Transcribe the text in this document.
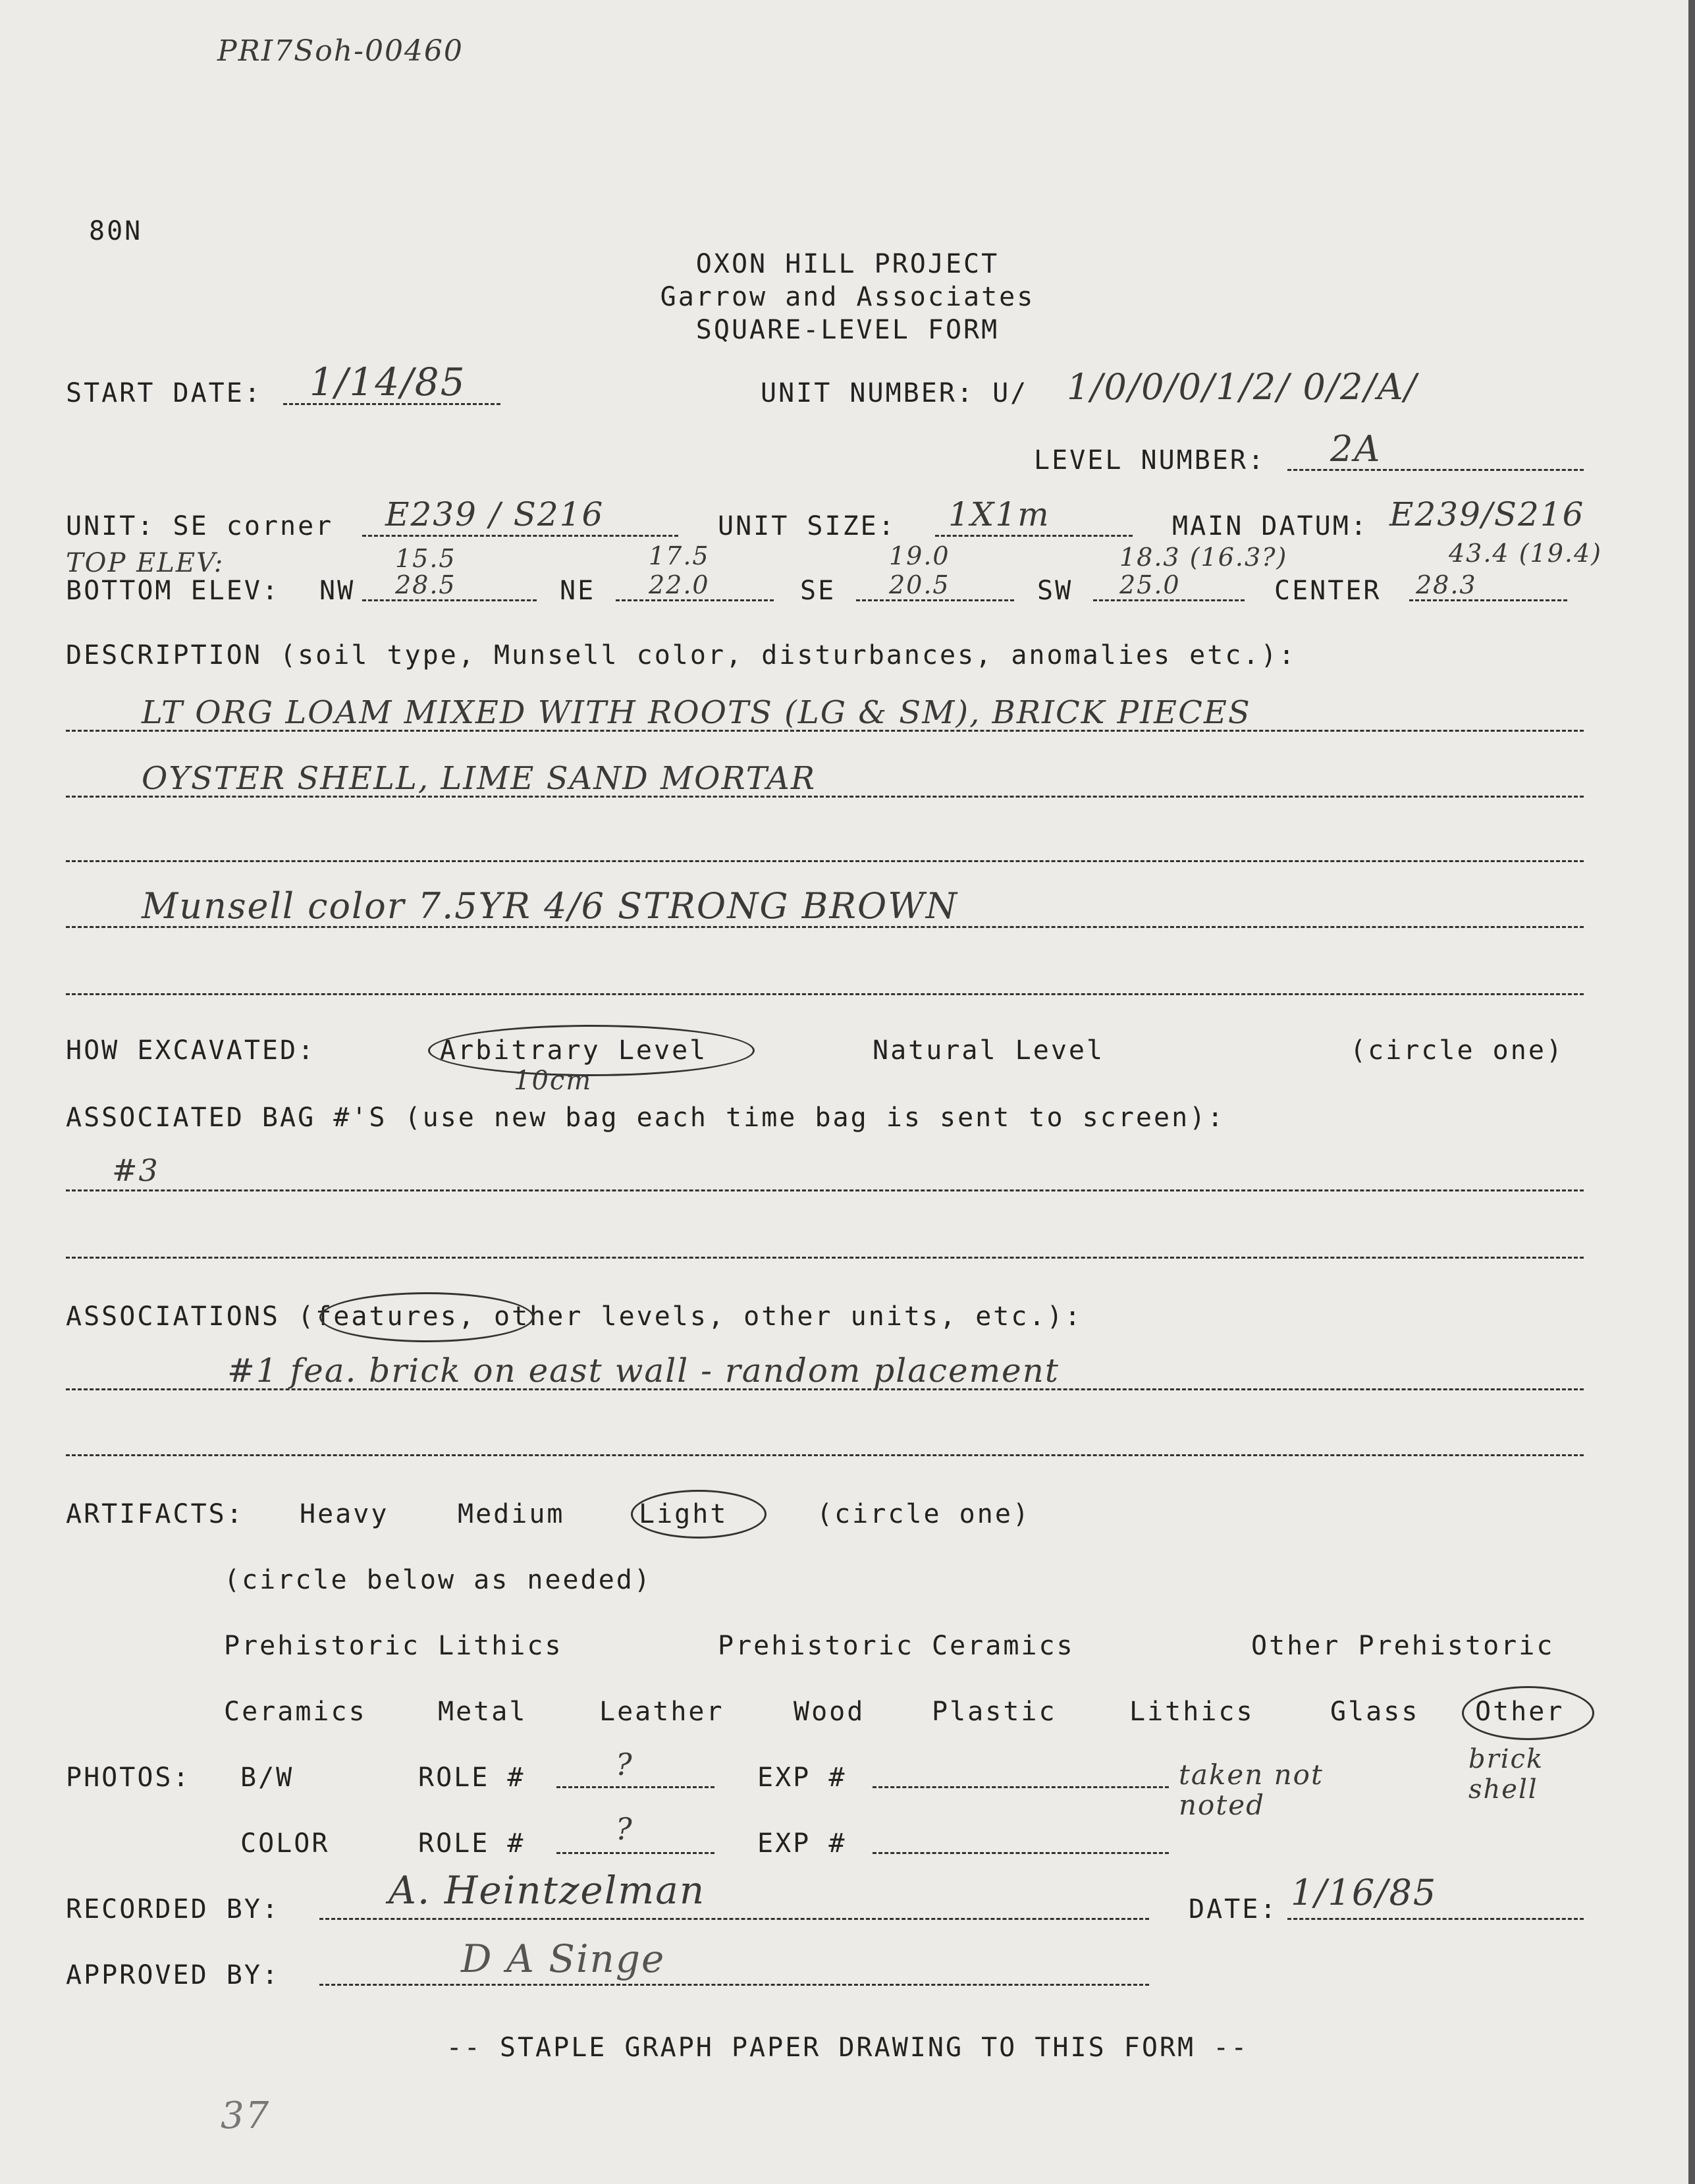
PRI7Soh-00460
80N
OXON HILL PROJECT
Garrow and Associates
SQUARE-LEVEL FORM
START DATE: 1/14/85	UNIT NUMBER: U/ 1/0/0/0/1/2/ 0/2/A/
LEVEL NUMBER: 2A
UNIT: SE corner E239 / S216	UNIT SIZE: 1X1m	MAIN DATUM: E239/S216
TOP ELEV:	15.5	17.5	19.0	18.3 (16.3?)	43.4 (19.4)
BOTTOM ELEV: NW 28.5	NE 22.0	SE 20.5	SW 25.0	CENTER 28.3
DESCRIPTION (soil type, Munsell color, disturbances, anomalies etc.):
LT ORG LOAM MIXED WITH ROOTS (LG & SM), BRICK PIECES
OYSTER SHELL, LIME SAND MORTAR
Munsell color 7.5YR 4/6 STRONG BROWN
HOW EXCAVATED:	Arbitrary Level
10cm
Natural Level	(circle one)
ASSOCIATED BAG #'S (use new bag each time bag is sent to screen):
#3
ASSOCIATIONS (features, other levels, other units, etc.):
#1 fea. brick on east wall - random placement
ARTIFACTS: Heavy	Medium	Light	(circle one)
(circle below as needed)
Prehistoric Lithics	Prehistoric Ceramics	Other Prehistoric
Ceramics	Metal	Leather	Wood	Plastic	Lithics	Glass Other
brick shell
PHOTOS: B/W	ROLE #	?	EXP #
COLOR	ROLE #	?	EXP #
taken not noted
RECORDED BY:	A. Heintzelman	DATE: 1/16/85
APPROVED BY:	D A Singe
-- STAPLE GRAPH PAPER DRAWING TO THIS FORM --
37
